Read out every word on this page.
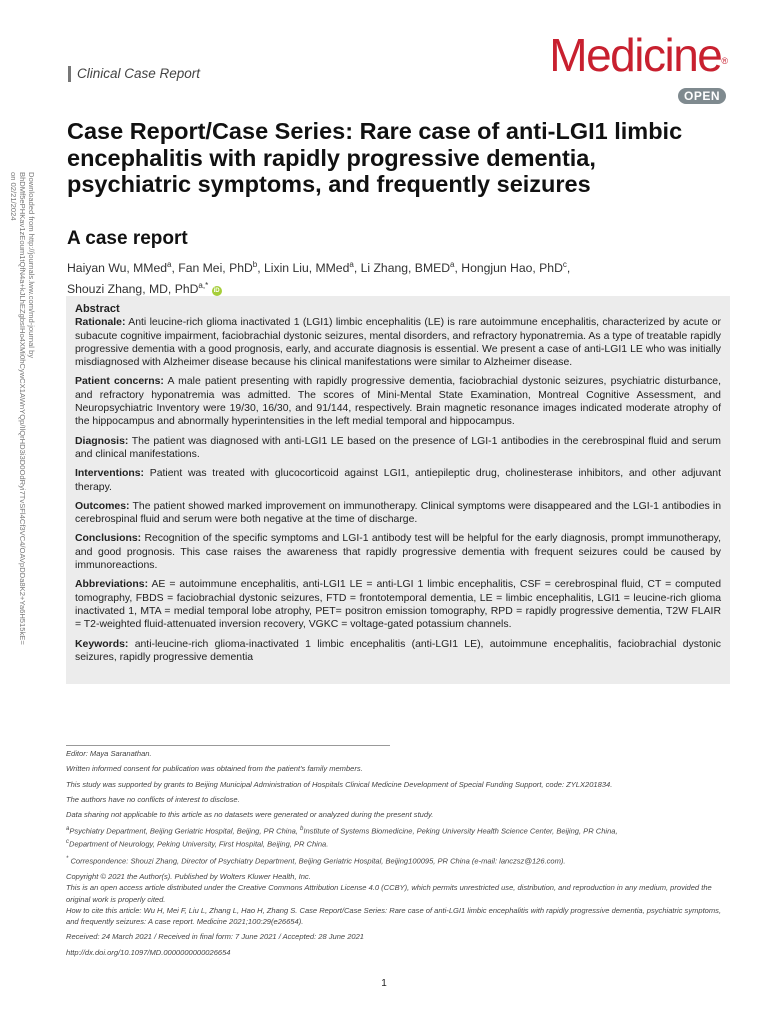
Downloaded from http://journals.lww.com/md-journal by BhDMf5ePHKav1zEoum1tQfN4a+kJLhEZgbsIHo4XMi0hCywCX1AWnYQp/IlQrHD3i3D0OdRyi7TvSFl4Cf3VC4/OAVpDDa8K2+Ya6H515kE= on 02/21/2024
Clinical Case Report	Medicine®
OPEN
Case Report/Case Series: Rare case of anti-LGI1 limbic encephalitis with rapidly progressive dementia, psychiatric symptoms, and frequently seizures
A case report
Haiyan Wu, MMed$^a$, Fan Mei, PhD$^b$, Lixin Liu, MMed$^a$, Li Zhang, BMED$^a$, Hongjun Hao, PhD$^c$,
Shouzi Zhang, MD, PhD$^{a,*}$ iD
Abstract

Rationale: Anti leucine-rich glioma inactivated 1 (LGI1) limbic encephalitis (LE) is rare autoimmune encephalitis, characterized by acute or subacute cognitive impairment, faciobrachial dystonic seizures, mental disorders, and refractory hyponatremia. As a type of treatable rapidly progressive dementia with a good prognosis, early, and accurate diagnosis is essential. We present a case of anti-LGI1 LE who was initially misdiagnosed with Alzheimer disease because his clinical manifestations were similar to Alzheimer disease.

Patient concerns: A male patient presenting with rapidly progressive dementia, faciobrachial dystonic seizures, psychiatric disturbance, and refractory hyponatremia was admitted. The scores of Mini-Mental State Examination, Montreal Cognitive Assessment, and Neuropsychiatric Inventory were 19/30, 16/30, and 91/144, respectively. Brain magnetic resonance images indicated moderate atrophy of the hippocampus and abnormally hyperintensities in the left medial temporal and hippocampus.

Diagnosis: The patient was diagnosed with anti-LGI1 LE based on the presence of LGI-1 antibodies in the cerebrospinal fluid and serum and clinical manifestations.

Interventions: Patient was treated with glucocorticoid against LGI1, antiepileptic drug, cholinesterase inhibitors, and other adjuvant therapy.

Outcomes: The patient showed marked improvement on immunotherapy. Clinical symptoms were disappeared and the LGI-1 antibodies in cerebrospinal fluid and serum were both negative at the time of discharge.

Conclusions: Recognition of the specific symptoms and LGI-1 antibody test will be helpful for the early diagnosis, prompt immunotherapy, and good prognosis. This case raises the awareness that rapidly progressive dementia with frequent seizures could be caused by immunoreactions.

Abbreviations: AE = autoimmune encephalitis, anti-LGI1 LE = anti-LGI 1 limbic encephalitis, CSF = cerebrospinal fluid, CT = computed tomography, FBDS = faciobrachial dystonic seizures, FTD = frontotemporal dementia, LE = limbic encephalitis, LGI1 = leucine-rich glioma inactivated 1, MTA = medial temporal lobe atrophy, PET= positron emission tomography, RPD = rapidly progressive dementia, T2W FLAIR = T2-weighted fluid-attenuated inversion recovery, VGKC = voltage-gated potassium channels.

Keywords: anti-leucine-rich glioma-inactivated 1 limbic encephalitis (anti-LGI1 LE), autoimmune encephalitis, faciobrachial dystonic seizures, rapidly progressive dementia

Editor: Maya Saranathan.
Written informed consent for publication was obtained from the patient's family members.
This study was supported by grants to Beijing Municipal Administration of Hospitals Clinical Medicine Development of Special Funding Support, code: ZYLX201834.
The authors have no conflicts of interest to disclose.
Data sharing not applicable to this article as no datasets were generated or analyzed during the present study.
$^a$Psychiatry Department, Beijing Geriatric Hospital, Beijing, PR China, $^b$Institute of Systems Biomedicine, Peking University Health Science Center, Beijing, PR China,
$^c$Department of Neurology, Peking University, First Hospital, Beijing, PR China.
* Correspondence: Shouzi Zhang, Director of Psychiatry Department, Beijing Geriatric Hospital, Beijing100095, PR China (e-mail: lanczsz@126.com).
Copyright © 2021 the Author(s). Published by Wolters Kluwer Health, Inc.
This is an open access article distributed under the Creative Commons Attribution License 4.0 (CCBY), which permits unrestricted use, distribution, and reproduction in any medium, provided the original work is properly cited.
How to cite this article: Wu H, Mei F, Liu L, Zhang L, Hao H, Zhang S. Case Report/Case Series: Rare case of anti-LGI1 limbic encephalitis with rapidly progressive dementia, psychiatric symptoms, and frequently seizures: A case report. Medicine 2021;100:29(e26654).
Received: 24 March 2021 / Received in final form: 7 June 2021 / Accepted: 28 June 2021
http://dx.doi.org/10.1097/MD.0000000000026654
1
